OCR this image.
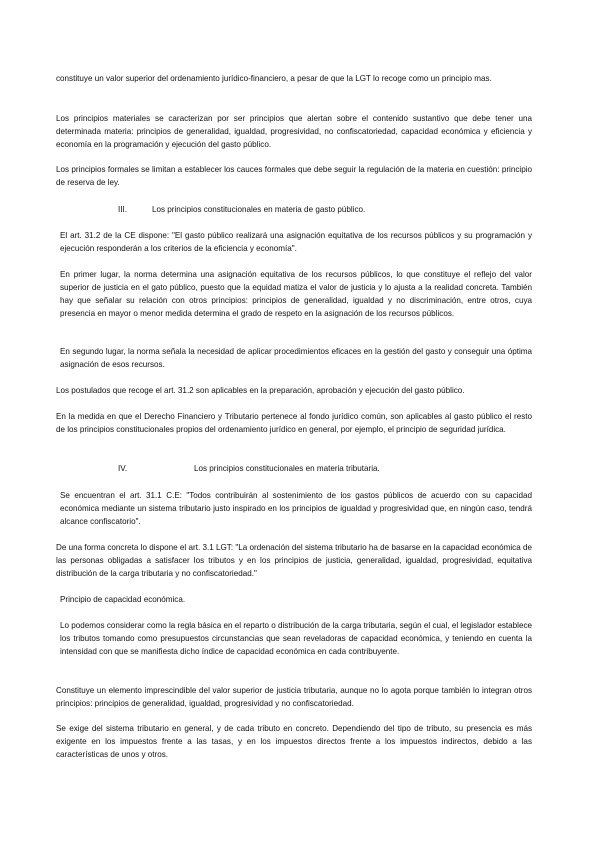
constituye un valor superior del ordenamiento jurídico-financiero, a pesar de que la LGT lo recoge como un principio mas.

Los principios materiales se caracterizan por ser principios que alertan sobre el contenido sustantivo que debe tener una determinada materia: principios de generalidad, igualdad, progresividad, no confiscatoriedad, capacidad económica y eficiencia y economía en la programación y ejecución del gasto público.

Los principios formales se limitan a establecer los cauces formales que debe seguir la regulación de la materia en cuestión: principio de reserva de ley.

III.	Los principios constitucionales en materia de gasto público.

El art. 31.2 de la CE dispone: "El gasto público realizará una asignación equitativa de los recursos públicos y su programación y ejecución responderán a los criterios de la eficiencia y economía".

En primer lugar, la norma determina una asignación equitativa de los recursos públicos, lo que constituye el reflejo del valor superior de justicia en el gato público, puesto que la equidad matiza el valor de justicia y lo ajusta a la realidad concreta. También hay que señalar su relación con otros principios: principios de generalidad, igualdad y no discriminación, entre otros, cuya presencia en mayor o menor medida determina el grado de respeto en la asignación de los recursos públicos.

En segundo lugar, la norma señala la necesidad de aplicar procedimientos eficaces en la gestión del gasto y conseguir una óptima asignación de esos recursos.

Los postulados que recoge el art. 31.2 son aplicables en la preparación, aprobación y ejecución del gasto público.

En la medida en que el Derecho Financiero y Tributario pertenece al fondo jurídico común, son aplicables al gasto público el resto de los principios constitucionales propios del ordenamiento jurídico en general, por ejemplo, el principio de seguridad jurídica.

IV.	Los principios constitucionales en materia tributaria.

Se encuentran el art. 31.1 C.E: "Todos contribuirán al sostenimiento de los gastos públicos de acuerdo con su capacidad económica mediante un sistema tributario justo inspirado en los principios de igualdad y progresividad que, en ningún caso, tendrá alcance confiscatorio".

De una forma concreta lo dispone el art. 3.1 LGT: "La ordenación del sistema tributario ha de basarse en la capacidad económica de las personas obligadas a satisfacer los tributos y en los principios de justicia, generalidad, igualdad, progresividad, equitativa distribución de la carga tributaria y no confiscatoriedad."

Principio de capacidad económica.

Lo podemos considerar como la regla básica en el reparto o distribución de la carga tributaria, según el cual, el legislador establece los tributos tomando como presupuestos circunstancias que sean reveladoras de capacidad económica, y teniendo en cuenta la intensidad con que se manifiesta dicho índice de capacidad económica en cada contribuyente.

Constituye un elemento imprescindible del valor superior de justicia tributaria, aunque no lo agota porque también lo integran otros principios: principios de generalidad, igualdad, progresividad y no confiscatoriedad.

Se exige del sistema tributario en general, y de cada tributo en concreto. Dependiendo del tipo de tributo, su presencia es más exigente en los impuestos frente a las tasas, y en los impuestos directos frente a los impuestos indirectos, debido a las características de unos y otros.
